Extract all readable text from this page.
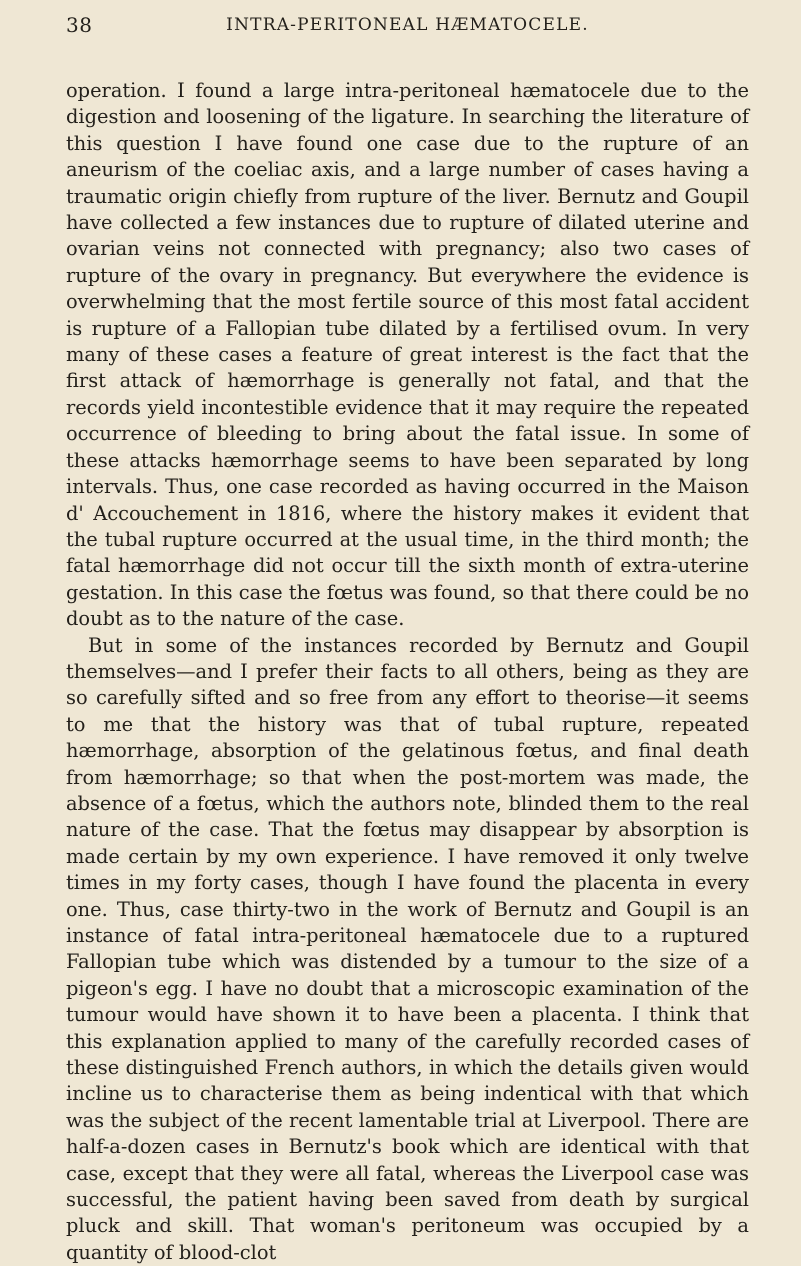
38	INTRA-PERITONEAL HÆMATOCELE.

operation. I found a large intra-peritoneal hæmatocele due to the digestion and loosening of the ligature. In searching the literature of this question I have found one case due to the rupture of an aneurism of the coeliac axis, and a large number of cases having a traumatic origin chiefly from rupture of the liver. Bernutz and Goupil have collected a few instances due to rupture of dilated uterine and ovarian veins not connected with pregnancy; also two cases of rupture of the ovary in pregnancy. But everywhere the evidence is overwhelming that the most fertile source of this most fatal accident is rupture of a Fallopian tube dilated by a fertilised ovum. In very many of these cases a feature of great interest is the fact that the first attack of hæmorrhage is generally not fatal, and that the records yield incontestible evidence that it may require the repeated occurrence of bleeding to bring about the fatal issue. In some of these attacks hæmorrhage seems to have been separated by long intervals. Thus, one case recorded as having occurred in the Maison d' Accouchement in 1816, where the history makes it evident that the tubal rupture occurred at the usual time, in the third month; the fatal hæmorrhage did not occur till the sixth month of extra-uterine gestation. In this case the fœtus was found, so that there could be no doubt as to the nature of the case.

But in some of the instances recorded by Bernutz and Goupil themselves—and I prefer their facts to all others, being as they are so carefully sifted and so free from any effort to theorise—it seems to me that the history was that of tubal rupture, repeated hæmorrhage, absorption of the gelatinous fœtus, and final death from hæmorrhage; so that when the post-mortem was made, the absence of a fœtus, which the authors note, blinded them to the real nature of the case. That the fœtus may disappear by absorption is made certain by my own experience. I have removed it only twelve times in my forty cases, though I have found the placenta in every one. Thus, case thirty-two in the work of Bernutz and Goupil is an instance of fatal intra-peritoneal hæmatocele due to a ruptured Fallopian tube which was distended by a tumour to the size of a pigeon's egg. I have no doubt that a microscopic examination of the tumour would have shown it to have been a placenta. I think that this explanation applied to many of the carefully recorded cases of these distinguished French authors, in which the details given would incline us to characterise them as being indentical with that which was the subject of the recent lamentable trial at Liverpool. There are half-a-dozen cases in Bernutz's book which are identical with that case, except that they were all fatal, whereas the Liverpool case was successful, the patient having been saved from death by surgical pluck and skill. That woman's peritoneum was occupied by a quantity of blood-clot
